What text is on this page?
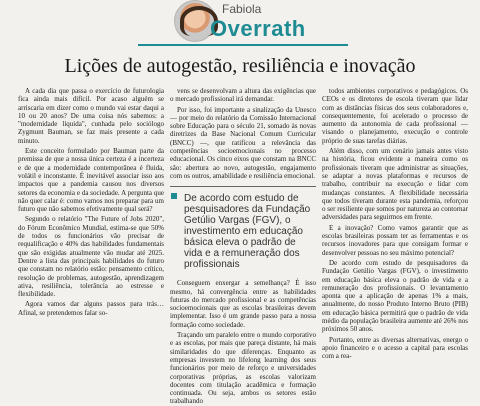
Fabiola
Overrath
Lições de autogestão, resiliência e inovação

A cada dia que passa o exercício de futurologia fica ainda mais difícil. Por acaso alguém se arriscaria em dizer como o mundo vai estar daqui a 10 ou 20 anos? De uma coisa nós sabemos: a "modernidade líquida", cunhada pelo sociólogo Zygmunt Bauman, se faz mais presente a cada minuto.

Este conceito formulado por Bauman parte da premissa de que a nossa única certeza é a incerteza e de que a modernidade contemporânea é fluida, volátil e inconstante. É inevitável associar isso aos impactos que a pandemia causou nos diversos setores da economia e da sociedade. A pergunta que não quer calar é: como vamos nos preparar para um futuro que não sabemos efetivamente qual será?

Segundo o relatório "The Future of Jobs 2020", do Fórum Econômico Mundial, estima-se que 50% de todos os funcionários vão precisar de requalificação e 40% das habilidades fundamentais que são exigidas atualmente vão mudar até 2025. Dentre a lista das principais habilidades do futuro que constam no relatório estão: pensamento crítico, resolução de problemas, autogestão, aprendizagem ativa, resiliência, tolerância ao estresse e flexibilidade.

Agora vamos dar alguns passos para trás… Afinal, se pretendemos falar so-

vens se desenvolvam a altura das exigências que o mercado profissional irá demandar.

Por isso, foi importante a sinalização da Unesco — por meio do relatório da Comissão Internacional sobre Educação para o século 21, somado às novas diretrizes da Base Nacional Comum Curricular (BNCC) —, que ratificou a relevância das competências socioemocionais no processo educacional. Os cinco eixos que constam na BNCC são: abertura ao novo, autogestão, engajamento com os outros, amabilidade e resiliência emocional.

De acordo com estudo de pesquisadores da Fundação Getúlio Vargas (FGV), o investimento em educação básica eleva o padrão de vida e a remuneração dos profissionais

Conseguem enxergar a semelhança? É isso mesmo, há convergência entre as habilidades futuras do mercado profissional e as competências socioemocionais que as escolas brasileiras devem implementar. Isso é um grande passo para a nossa formação como sociedade.

Traçando um paralelo entre o mundo corporativo e as escolas, por mais que pareça distante, há mais similaridades do que diferenças. Enquanto as empresas investem no lifelong learning dos seus funcionários por meio de reforço e universidades corporativas próprias, as escolas valorizam docentes com titulação acadêmica e formação continuada. Ou seja, ambos os setores estão trabalhando

todos ambientes corporativos e pedagógicos. Os CEOs e os diretores de escola tiveram que lidar com as distâncias físicas dos seus colaboradores e, consequentemente, foi acelerado o processo de aumento da autonomia de cada profissional — visando o planejamento, execução e controle próprio de suas tarefas diárias.

Além disso, com um cenário jamais antes visto na história, ficou evidente a maneira como os profissionais tiveram que administrar as situações, se adaptar a novas plataformas e recursos de trabalho, contribuir na execução e lidar com mudanças constantes. A flexibilidade necessária que todos tiveram durante esta pandemia, reforçou o ser resiliente que somos por natureza ao contornar adversidades para seguirmos em frente.

E a inovação? Como vamos garantir que as escolas brasileiras possam ter as ferramentas e os recursos inovadores para que consigam formar e desenvolver pessoas no seu máximo potencial?

De acordo com estudo de pesquisadores da Fundação Getúlio Vargas (FGV), o investimento em educação básica eleva o padrão de vida e a remuneração dos profissionais. O levantamento aponta que a aplicação de apenas 1% a mais, anualmente, do nosso Produto Interno Bruto (PIB) em educação básica permitirá que o padrão de vida médio da população brasileira aumente até 26% nos próximos 50 anos.

Portanto, entre as diversas alternativas, energo o apoio financeiro e o acesso a capital para escolas com a rea-
